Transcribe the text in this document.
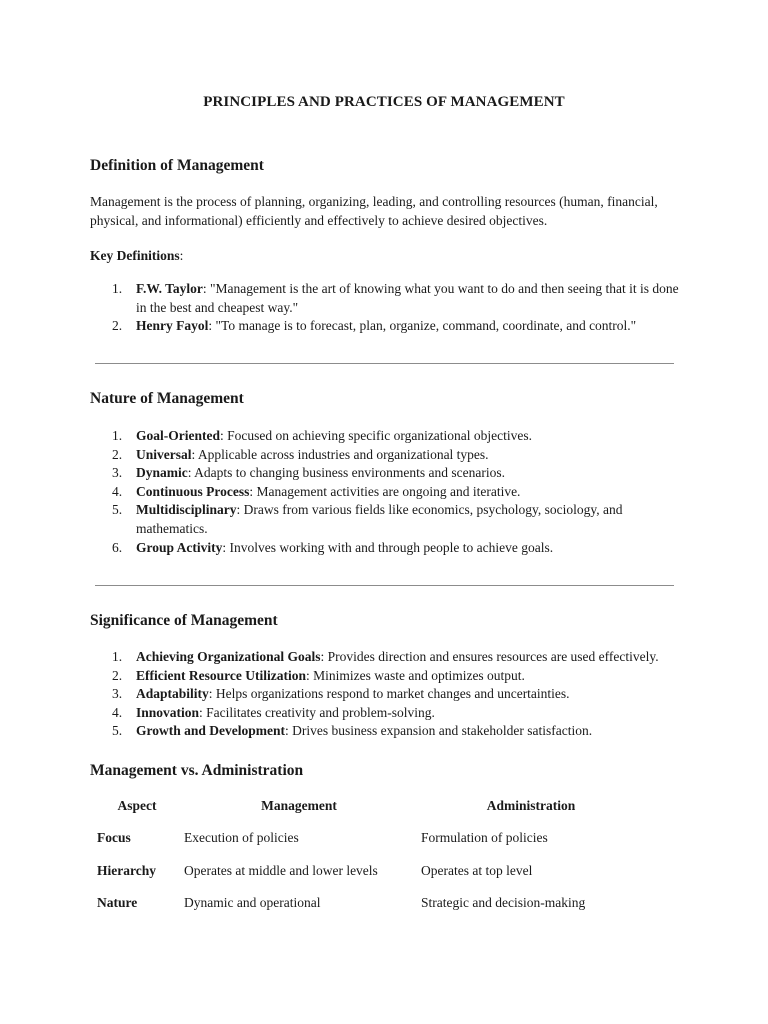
PRINCIPLES AND PRACTICES OF MANAGEMENT
Definition of Management

Management is the process of planning, organizing, leading, and controlling resources (human, financial, physical, and informational) efficiently and effectively to achieve desired objectives.

Key Definitions:

1. F.W. Taylor: "Management is the art of knowing what you want to do and then seeing that it is done in the best and cheapest way."
2. Henry Fayol: "To manage is to forecast, plan, organize, command, coordinate, and control."
Nature of Management
1. Goal-Oriented: Focused on achieving specific organizational objectives.
2. Universal: Applicable across industries and organizational types.
3. Dynamic: Adapts to changing business environments and scenarios.
4. Continuous Process: Management activities are ongoing and iterative.
5. Multidisciplinary: Draws from various fields like economics, psychology, sociology, and mathematics.
6. Group Activity: Involves working with and through people to achieve goals.
Significance of Management
1. Achieving Organizational Goals: Provides direction and ensures resources are used effectively.
2. Efficient Resource Utilization: Minimizes waste and optimizes output.
3. Adaptability: Helps organizations respond to market changes and uncertainties.
4. Innovation: Facilitates creativity and problem-solving.
5. Growth and Development: Drives business expansion and stakeholder satisfaction.
Management vs. Administration
Aspect	Management	Administration
Focus	Execution of policies	Formulation of policies
Hierarchy	Operates at middle and lower levels	Operates at top level
Nature	Dynamic and operational	Strategic and decision-making
